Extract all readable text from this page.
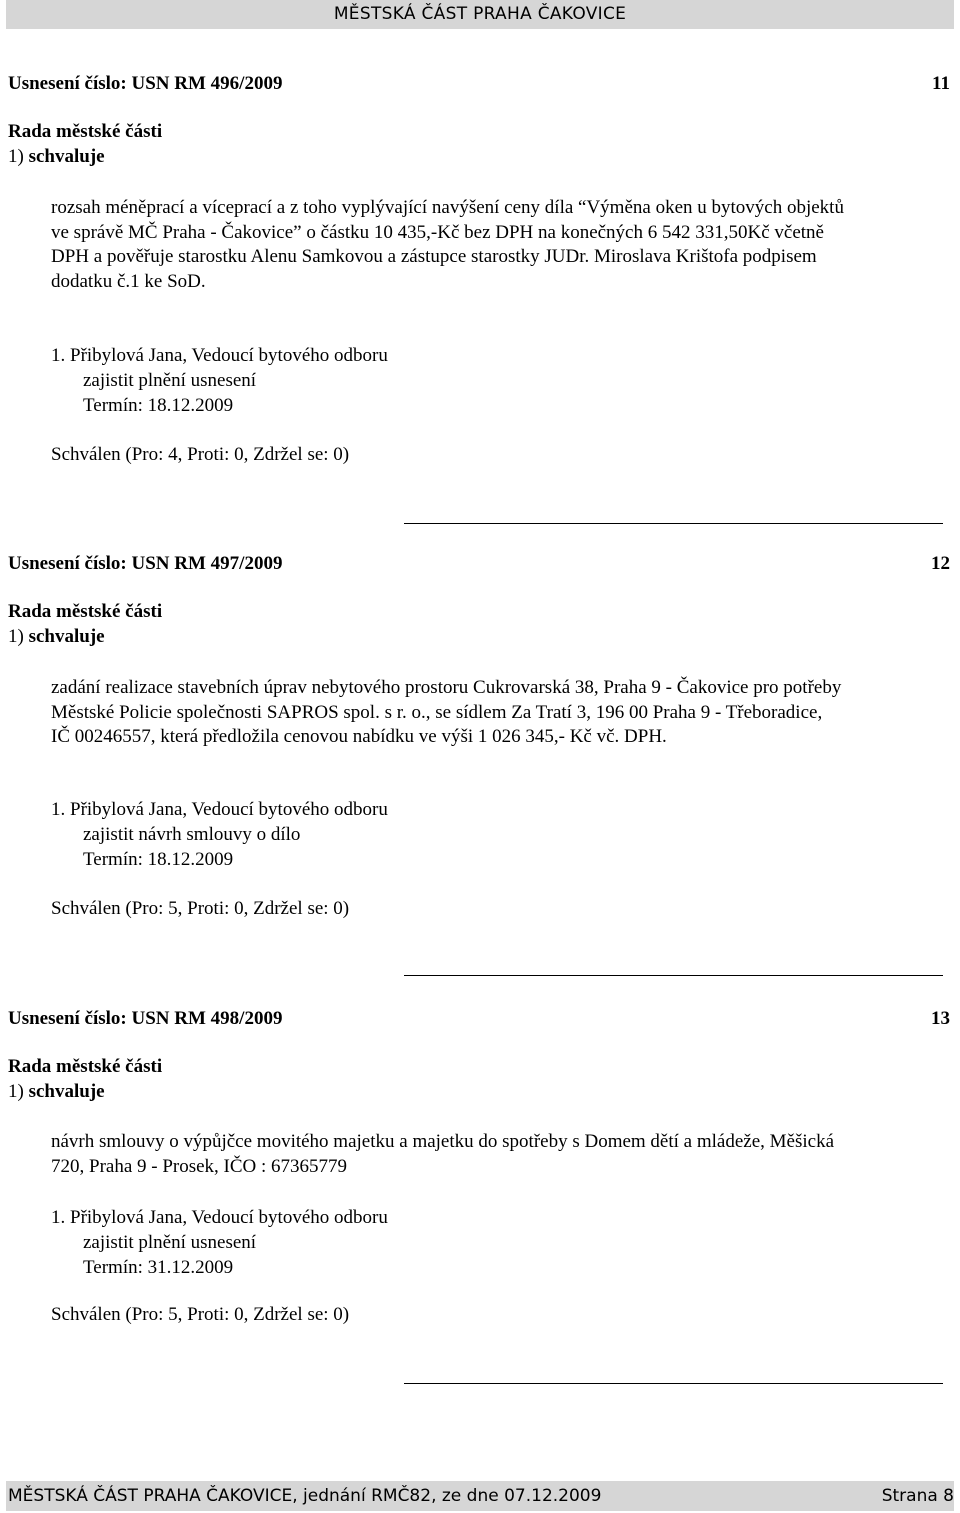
MĚSTSKÁ ČÁST PRAHA ČAKOVICE
Usnesení číslo: USN RM 496/2009	11
Rada městské části
1) schvaluje
rozsah méněprací a víceprací a z toho vyplývající navýšení ceny díla “Výměna oken u bytových objektů
ve správě MČ Praha - Čakovice” o částku 10 435,-Kč bez DPH na konečných 6 542 331,50Kč včetně
DPH a pověřuje starostku Alenu Samkovou a zástupce starostky JUDr. Miroslava Krištofa podpisem
dodatku č.1 ke SoD.
1. Přibylová Jana, Vedoucí bytového odboru
zajistit plnění usnesení
Termín: 18.12.2009
Schválen (Pro: 4, Proti: 0, Zdržel se: 0)
Usnesení číslo: USN RM 497/2009	12
Rada městské části
1) schvaluje
zadání realizace stavebních úprav nebytového prostoru Cukrovarská 38, Praha 9 - Čakovice pro potřeby
Městské Policie společnosti SAPROS spol. s r. o., se sídlem Za Tratí 3, 196 00 Praha 9 - Třeboradice,
IČ 00246557, která předložila cenovou nabídku ve výši 1 026 345,- Kč vč. DPH.
1. Přibylová Jana, Vedoucí bytového odboru
zajistit návrh smlouvy o dílo
Termín: 18.12.2009
Schválen (Pro: 5, Proti: 0, Zdržel se: 0)
Usnesení číslo: USN RM 498/2009	13
Rada městské části
1) schvaluje
návrh smlouvy o výpůjčce movitého majetku a majetku do spotřeby s Domem dětí a mládeže, Měšická
720, Praha 9 - Prosek, IČO : 67365779
1. Přibylová Jana, Vedoucí bytového odboru
zajistit plnění usnesení
Termín: 31.12.2009
Schválen (Pro: 5, Proti: 0, Zdržel se: 0)
MĚSTSKÁ ČÁST PRAHA ČAKOVICE, jednání RMČ82, ze dne 07.12.2009	Strana 8
